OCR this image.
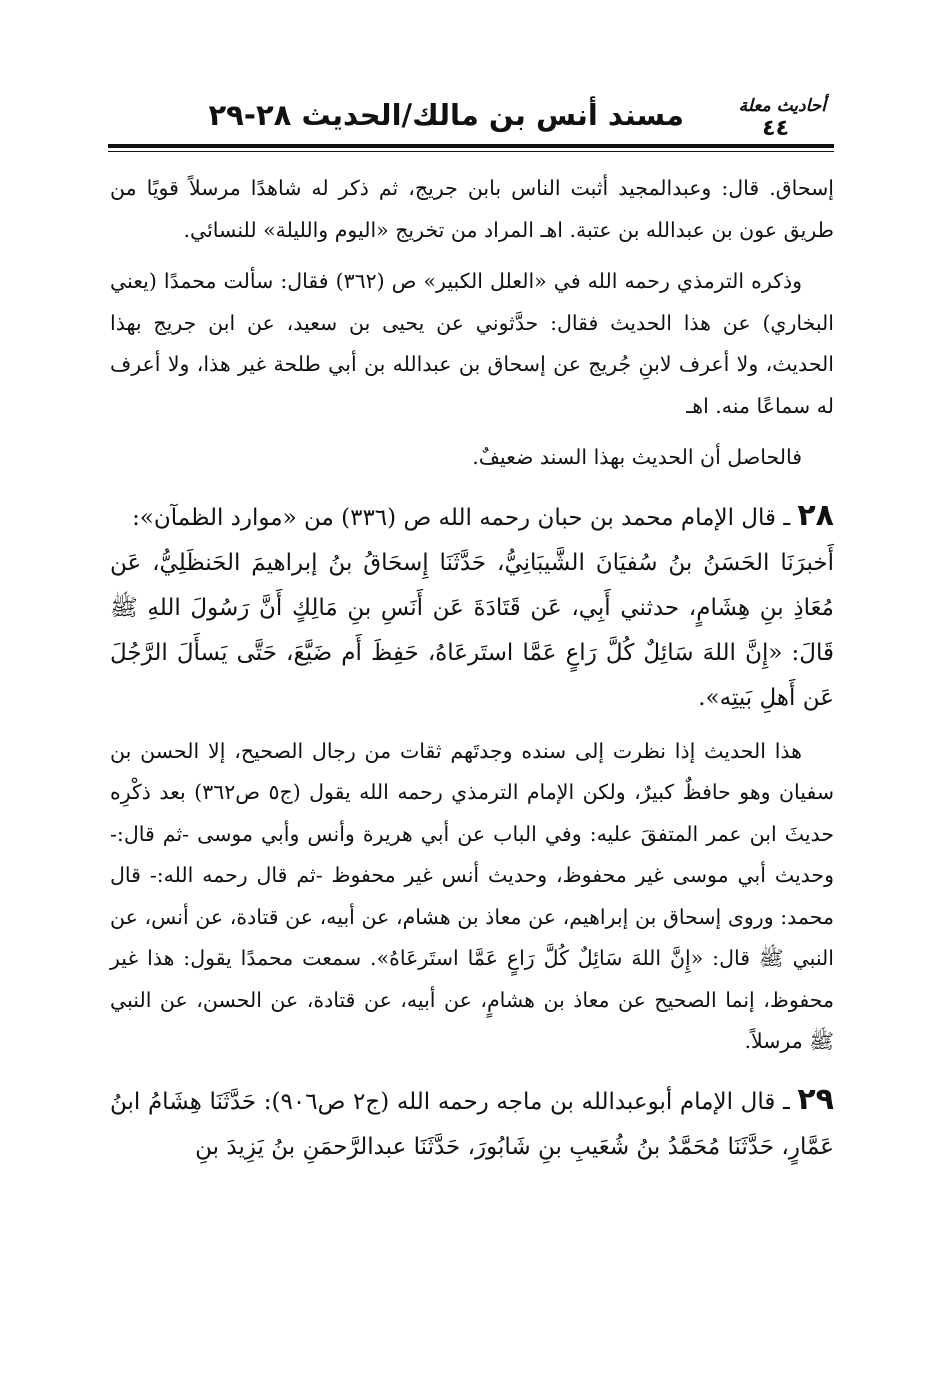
مسند أنس بن مالك/الحديث ٢٨-٢٩	أحاديث معلة
٤٤

إسحاق. قال: وعبدالمجيد أثبت الناس بابن جريج، ثم ذكر له شاهدًا مرسلاً قويًا من طريق عون بن عبدالله بن عتبة. اهـ المراد من تخريج «اليوم والليلة» للنسائي.

وذكره الترمذي رحمه الله في «العلل الكبير» ص (٣٦٢) فقال: سألت محمدًا (يعني البخاري) عن هذا الحديث فقال: حدَّثوني عن يحيى بن سعيد، عن ابن جريج بهذا الحديث، ولا أعرف لابنِ جُريج عن إسحاق بن عبدالله بن أبي طلحة غير هذا، ولا أعرف له سماعًا منه. اهـ

فالحاصل أن الحديث بهذا السند ضعيفٌ.

٢٨ ـ قال الإمام محمد بن حبان رحمه الله ص (٣٣٦) من «موارد الظمآن»:

أَخبرَنَا الحَسَنُ بنُ سُفيَانَ الشَّيبَانِيُّ، حَدَّثَنَا إِسحَاقُ بنُ إبراهيمَ الحَنظَلِيُّ، عَن مُعَاذِ بنِ هِشَامٍ، حدثني أَبِي، عَن قَتَادَةَ عَن أَنَسِ بنِ مَالِكٍ أَنَّ رَسُولَ اللهِ ﷺ قَالَ: «إِنَّ اللهَ سَائِلٌ كُلَّ رَاعٍ عَمَّا استَرعَاهُ، حَفِظَ أَم ضَيَّعَ، حَتَّى يَسأَلَ الرَّجُلَ عَن أَهلِ بَيتِه».

هذا الحديث إذا نظرت إلى سنده وجدتَهم ثقات من رجال الصحيح، إلا الحسن بن سفيان وهو حافظٌ كبيرٌ، ولكن الإمام الترمذي رحمه الله يقول (ج٥ ص٣٦٢) بعد ذكْرِه حديثَ ابن عمر المتفقَ عليه: وفي الباب عن أبي هريرة وأنس وأبي موسى -ثم قال:- وحديث أبي موسى غير محفوظ، وحديث أنس غير محفوظ -ثم قال رحمه الله:- قال محمد: وروى إسحاق بن إبراهيم، عن معاذ بن هشام، عن أبيه، عن قتادة، عن أنس، عن النبي ﷺ قال: «إِنَّ اللهَ سَائِلٌ كُلَّ رَاعٍ عَمَّا استَرعَاهُ». سمعت محمدًا يقول: هذا غير محفوظ، إنما الصحيح عن معاذ بن هشامٍ، عن أبيه، عن قتادة، عن الحسن، عن النبي ﷺ مرسلاً.

٢٩ ـ قال الإمام أبوعبدالله بن ماجه رحمه الله (ج٢ ص٩٠٦): حَدَّثَنَا هِشَامُ ابنُ عَمَّارٍ، حَدَّثَنَا مُحَمَّدُ بنُ شُعَيبِ بنِ شَابُورَ، حَدَّثَنَا عبدالرَّحمَنِ بنُ يَزِيدَ بنِ
